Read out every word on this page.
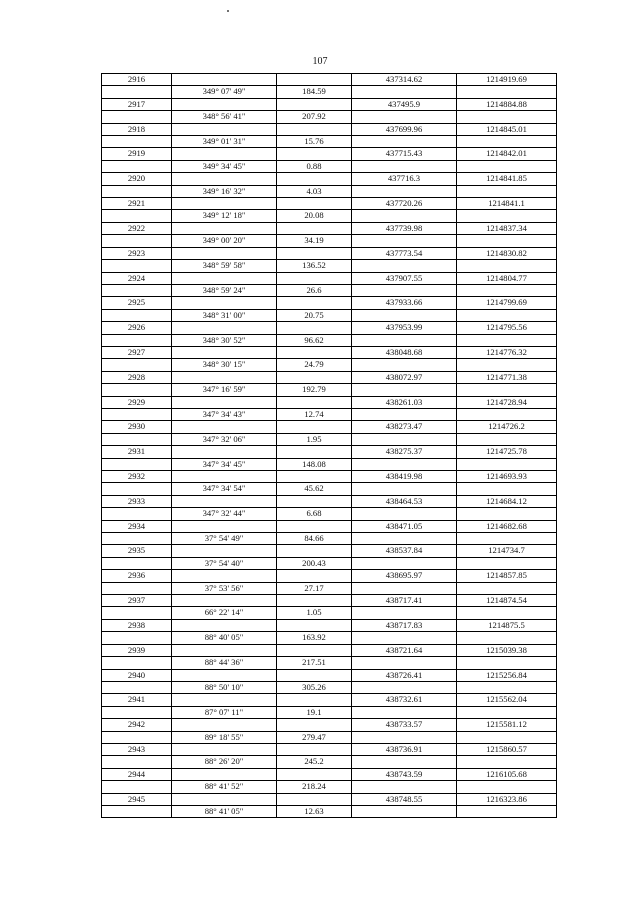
107
2916			437314.62	1214919.69
	349° 07' 49"	184.59		
2917			437495.9	1214884.88
	348° 56' 41"	207.92		
2918			437699.96	1214845.01
	349° 01' 31"	15.76		
2919			437715.43	1214842.01
	349° 34' 45"	0.88		
2920			437716.3	1214841.85
	349° 16' 32"	4.03		
2921			437720.26	1214841.1
	349° 12' 18"	20.08		
2922			437739.98	1214837.34
	349° 00' 20"	34.19		
2923			437773.54	1214830.82
	348° 59' 58"	136.52		
2924			437907.55	1214804.77
	348° 59' 24"	26.6		
2925			437933.66	1214799.69
	348° 31' 00"	20.75		
2926			437953.99	1214795.56
	348° 30' 52"	96.62		
2927			438048.68	1214776.32
	348° 30' 15"	24.79		
2928			438072.97	1214771.38
	347° 16' 59"	192.79		
2929			438261.03	1214728.94
	347° 34' 43"	12.74		
2930			438273.47	1214726.2
	347° 32' 06"	1.95		
2931			438275.37	1214725.78
	347° 34' 45"	148.08		
2932			438419.98	1214693.93
	347° 34' 54"	45.62		
2933			438464.53	1214684.12
	347° 32' 44"	6.68		
2934			438471.05	1214682.68
	37° 54' 49"	84.66		
2935			438537.84	1214734.7
	37° 54' 40"	200.43		
2936			438695.97	1214857.85
	37° 53' 56"	27.17		
2937			438717.41	1214874.54
	66° 22' 14"	1.05		
2938			438717.83	1214875.5
	88° 40' 05"	163.92		
2939			438721.64	1215039.38
	88° 44' 36"	217.51		
2940			438726.41	1215256.84
	88° 50' 10"	305.26		
2941			438732.61	1215562.04
	87° 07' 11"	19.1		
2942			438733.57	1215581.12
	89° 18' 55"	279.47		
2943			438736.91	1215860.57
	88° 26' 20"	245.2		
2944			438743.59	1216105.68
	88° 41' 52"	218.24		
2945			438748.55	1216323.86
	88° 41' 05"	12.63		
